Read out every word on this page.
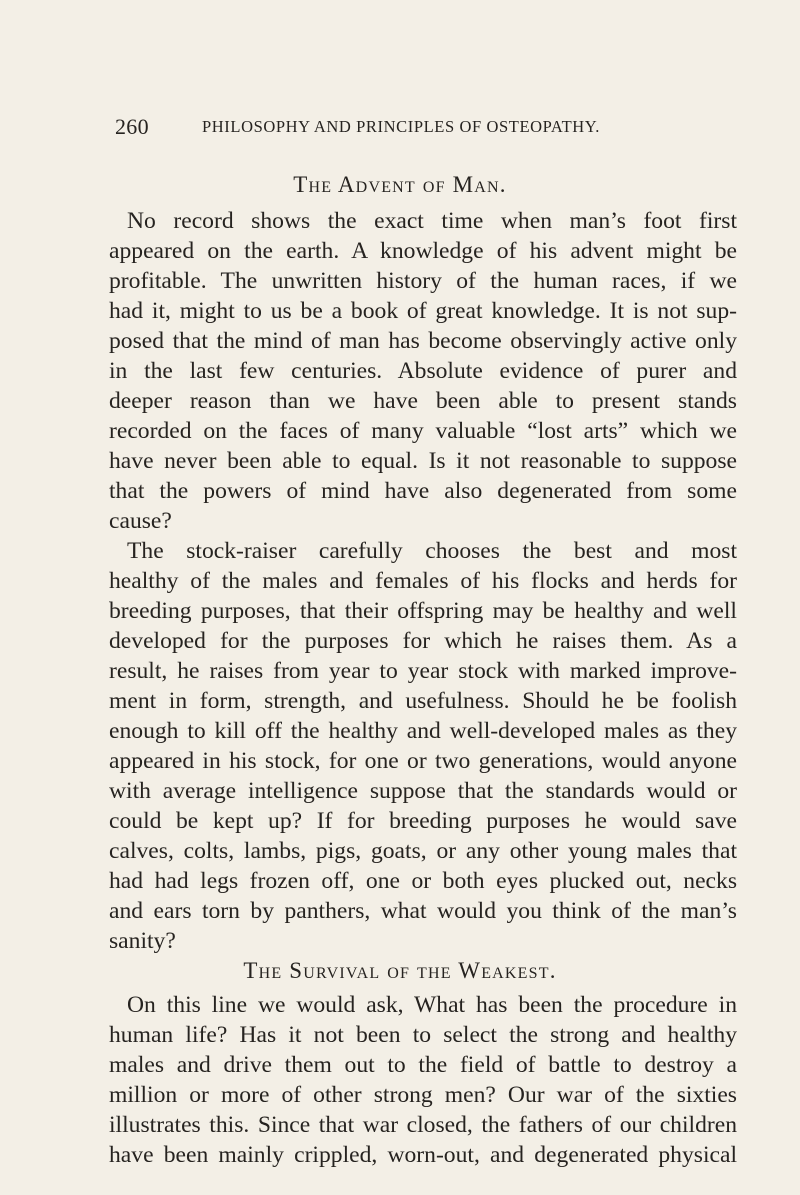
260	PHILOSOPHY AND PRINCIPLES OF OSTEOPATHY.
The Advent of Man.
No record shows the exact time when man’s foot first
appeared on the earth. A knowledge of his advent might be
profitable. The unwritten history of the human races, if we
had it, might to us be a book of great knowledge. It is not sup-
posed that the mind of man has become observingly active only
in the last few centuries. Absolute evidence of purer and
deeper reason than we have been able to present stands
recorded on the faces of many valuable “lost arts” which we
have never been able to equal. Is it not reasonable to suppose
that the powers of mind have also degenerated from some
cause?
The stock-raiser carefully chooses the best and most
healthy of the males and females of his flocks and herds for
breeding purposes, that their offspring may be healthy and well
developed for the purposes for which he raises them. As a
result, he raises from year to year stock with marked improve-
ment in form, strength, and usefulness. Should he be foolish
enough to kill off the healthy and well-developed males as they
appeared in his stock, for one or two generations, would anyone
with average intelligence suppose that the standards would or
could be kept up? If for breeding purposes he would save
calves, colts, lambs, pigs, goats, or any other young males that
had had legs frozen off, one or both eyes plucked out, necks
and ears torn by panthers, what would you think of the man’s
sanity?
The Survival of the Weakest.
On this line we would ask, What has been the procedure in
human life? Has it not been to select the strong and healthy
males and drive them out to the field of battle to destroy a
million or more of other strong men? Our war of the sixties
illustrates this. Since that war closed, the fathers of our children
have been mainly crippled, worn-out, and degenerated physical
